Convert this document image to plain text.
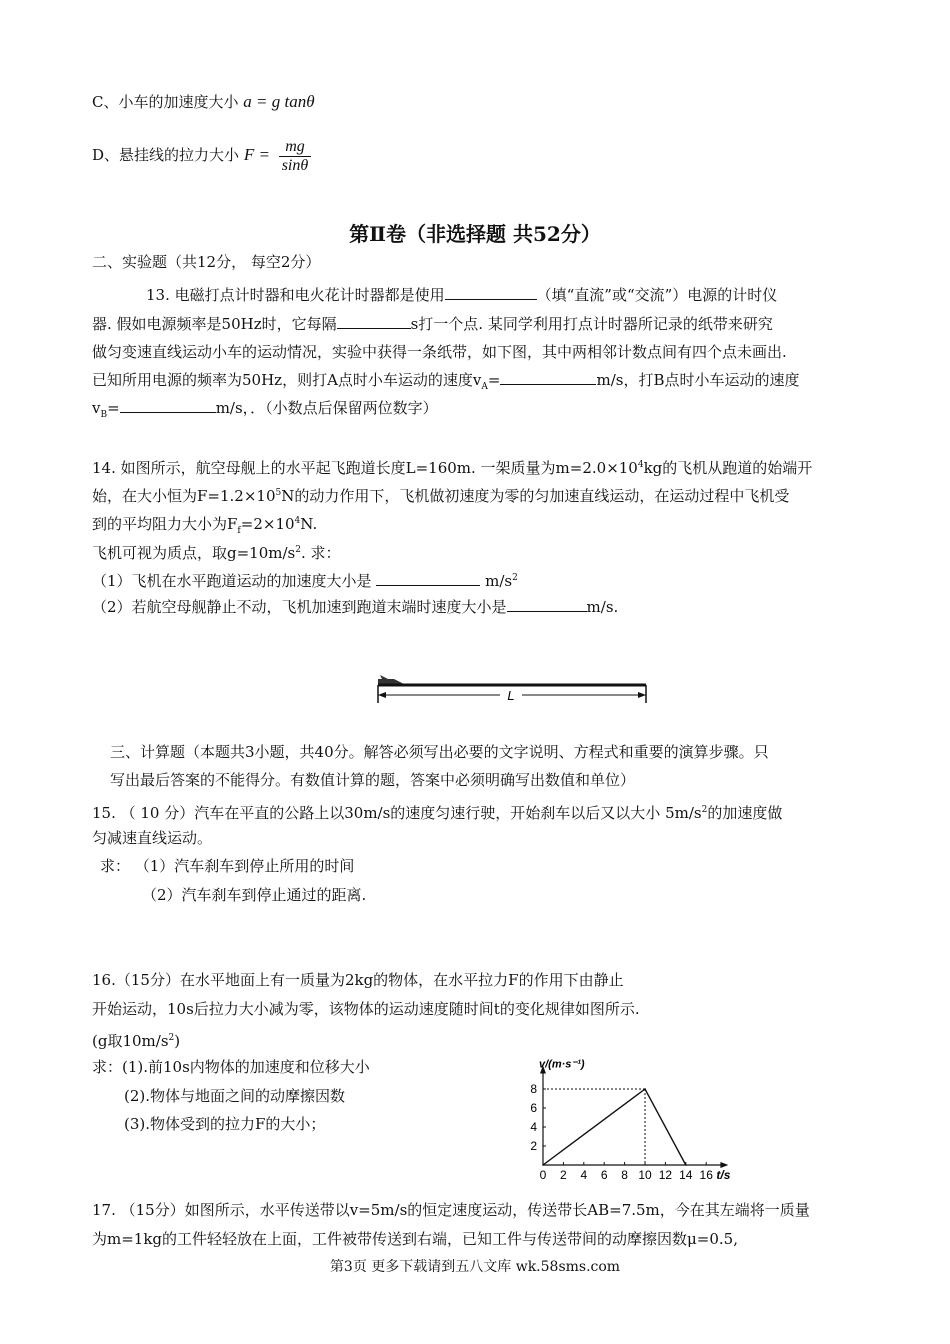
C、小车的加速度大小 a = g tanθ
D、悬挂线的拉力大小 $F = \frac{mg}{\sin\theta}$
第Ⅱ卷（非选择题 共52分）
二、实验题（共12分， 每空2分）
13. 电磁打点计时器和电火花计时器都是使用	（填“直流”或“交流”）电源的计时仪
器. 假如电源频率是50Hz时，它每隔	s打一个点. 某同学利用打点计时器所记录的纸带来研究
做匀变速直线运动小车的运动情况，实验中获得一条纸带，如下图，其中两相邻计数点间有四个点未画出.
已知所用电源的频率为50Hz，则打A点时小车运动的速度$v_A=$	m/s，打B点时小车运动的速度
$v_B=$	m/s，．（小数点后保留两位数字）
14. 如图所示，航空母舰上的水平起飞跑道长度L=160m. 一架质量为$m=2.0\times 10^4kg$的飞机从跑道的始端开
始，在大小恒为$F=1.2\times 10^5N$的动力作用下，飞机做初速度为零的匀加速直线运动，在运动过程中飞机受
到的平均阻力大小为$F_f=2\times 10^4N$.
飞机可视为质点，取$g=10m/s^2$. 求：
（1）飞机在水平跑道运动的加速度大小是	$m/s^2$
（2）若航空母舰静止不动，飞机加速到跑道末端时速度大小是	m/s.
L
三、计算题（本题共3小题，共40分。解答必须写出必要的文字说明、方程式和重要的演算步骤。只
写出最后答案的不能得分。有数值计算的题，答案中必须明确写出数值和单位）
15. （ 10 分）汽车在平直的公路上以30m/s的速度匀速行驶，开始刹车以后又以大小 $5m/s^2$的加速度做
匀减速直线运动。
求： （1）汽车刹车到停止所用的时间
（2）汽车刹车到停止通过的距离.
16.（15分）在水平地面上有一质量为2kg的物体，在水平拉力F的作用下由静止
开始运动，10s后拉力大小减为零，该物体的运动速度随时间t的变化规律如图所示.
(g取$10m/s^2$)
求：(1).前10s内物体的加速度和位移大小
(2).物体与地面之间的动摩擦因数
(3).物体受到的拉力F的大小；
2
4
6
8
0 2 4 6 8 10 12 14 16
v/(m·s⁻¹)
t/s
17. （15分）如图所示，水平传送带以v=5m/s的恒定速度运动，传送带长AB=7.5m，今在其左端将一质量
为m=1kg的工件轻轻放在上面，工件被带传送到右端，已知工件与传送带间的动摩擦因数μ=0.5,
第3页 更多下载请到五八文库 wk.58sms.com
